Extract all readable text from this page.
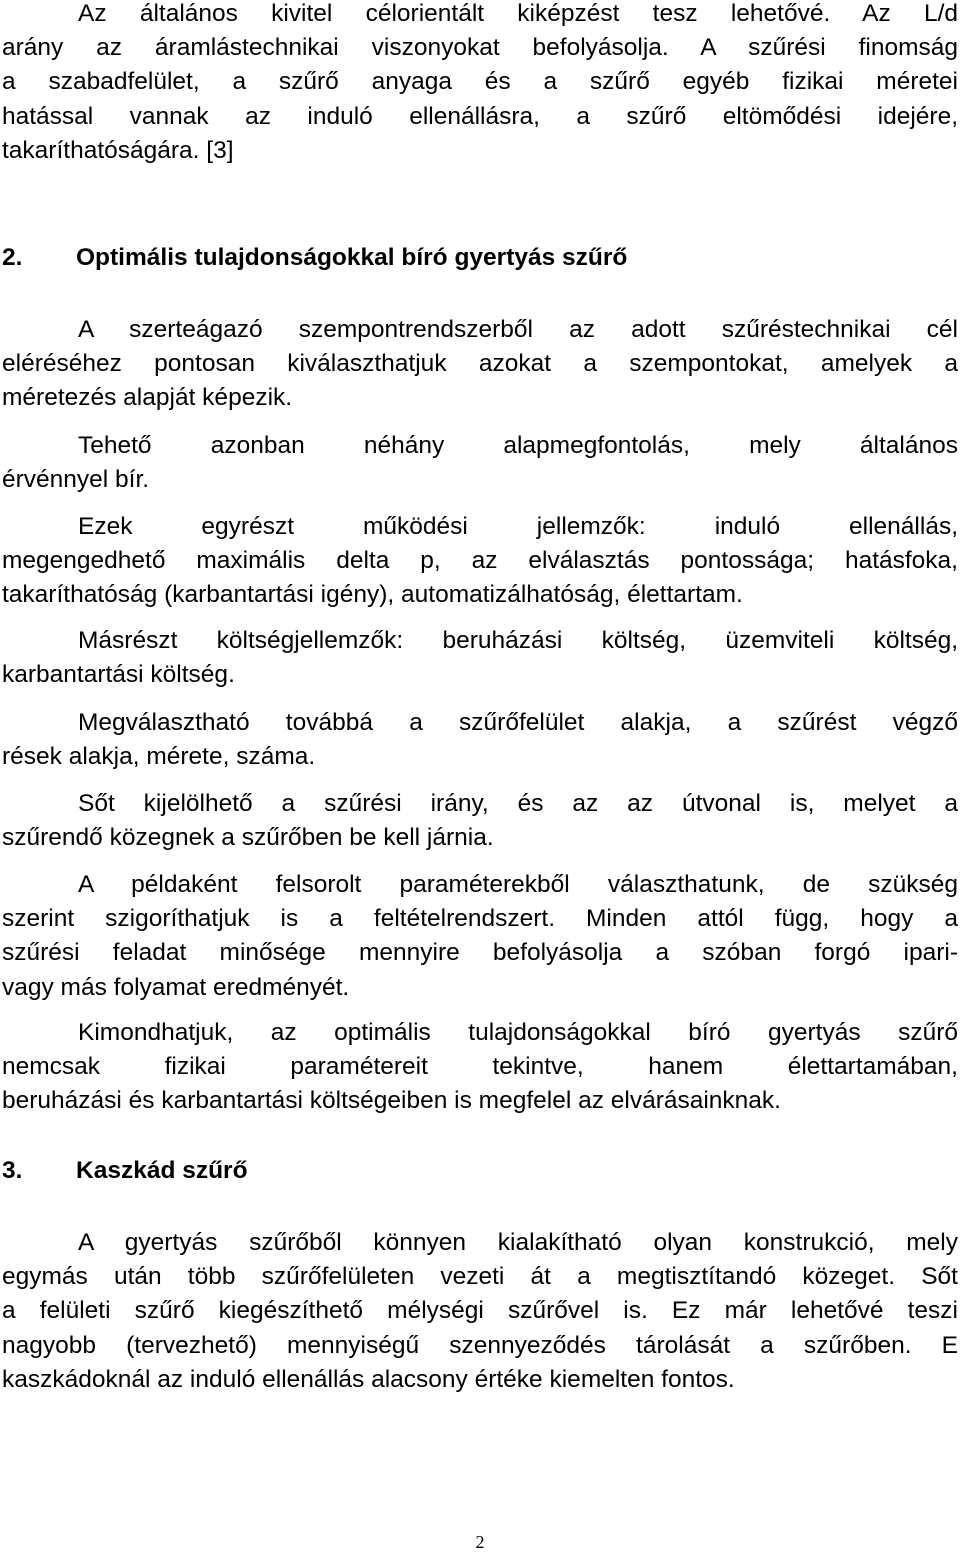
Az általános kivitel célorientált kiképzést tesz lehetővé. Az L/d
arány az áramlástechnikai viszonyokat befolyásolja. A szűrési finomság
a szabadfelület, a szűrő anyaga és a szűrő egyéb fizikai méretei
hatással vannak az induló ellenállásra, a szűrő eltömődési idejére,
takaríthatóságára. [3]
2. Optimális tulajdonságokkal bíró gyertyás szűrő
A szerteágazó szempontrendszerből az adott szűréstechnikai cél
eléréséhez pontosan kiválaszthatjuk azokat a szempontokat, amelyek a
méretezés alapját képezik.
Tehető azonban néhány alapmegfontolás, mely általános
érvénnyel bír.
Ezek egyrészt működési jellemzők: induló ellenállás,
megengedhető maximális delta p, az elválasztás pontossága; hatásfoka,
takaríthatóság (karbantartási igény), automatizálhatóság, élettartam.
Másrészt költségjellemzők: beruházási költség, üzemviteli költség,
karbantartási költség.
Megválasztható továbbá a szűrőfelület alakja, a szűrést végző
rések alakja, mérete, száma.
Sőt kijelölhető a szűrési irány, és az az útvonal is, melyet a
szűrendő közegnek a szűrőben be kell járnia.
A példaként felsorolt paraméterekből választhatunk, de szükség
szerint szigoríthatjuk is a feltételrendszert. Minden attól függ, hogy a
szűrési feladat minősége mennyire befolyásolja a szóban forgó ipari-
vagy más folyamat eredményét.
Kimondhatjuk, az optimális tulajdonságokkal bíró gyertyás szűrő
nemcsak fizikai paramétereit tekintve, hanem élettartamában,
beruházási és karbantartási költségeiben is megfelel az elvárásainknak.
3. Kaszkád szűrő
A gyertyás szűrőből könnyen kialakítható olyan konstrukció, mely
egymás után több szűrőfelületen vezeti át a megtisztítandó közeget. Sőt
a felületi szűrő kiegészíthető mélységi szűrővel is. Ez már lehetővé teszi
nagyobb (tervezhető) mennyiségű szennyeződés tárolását a szűrőben. E
kaszkádoknál az induló ellenállás alacsony értéke kiemelten fontos.
2
